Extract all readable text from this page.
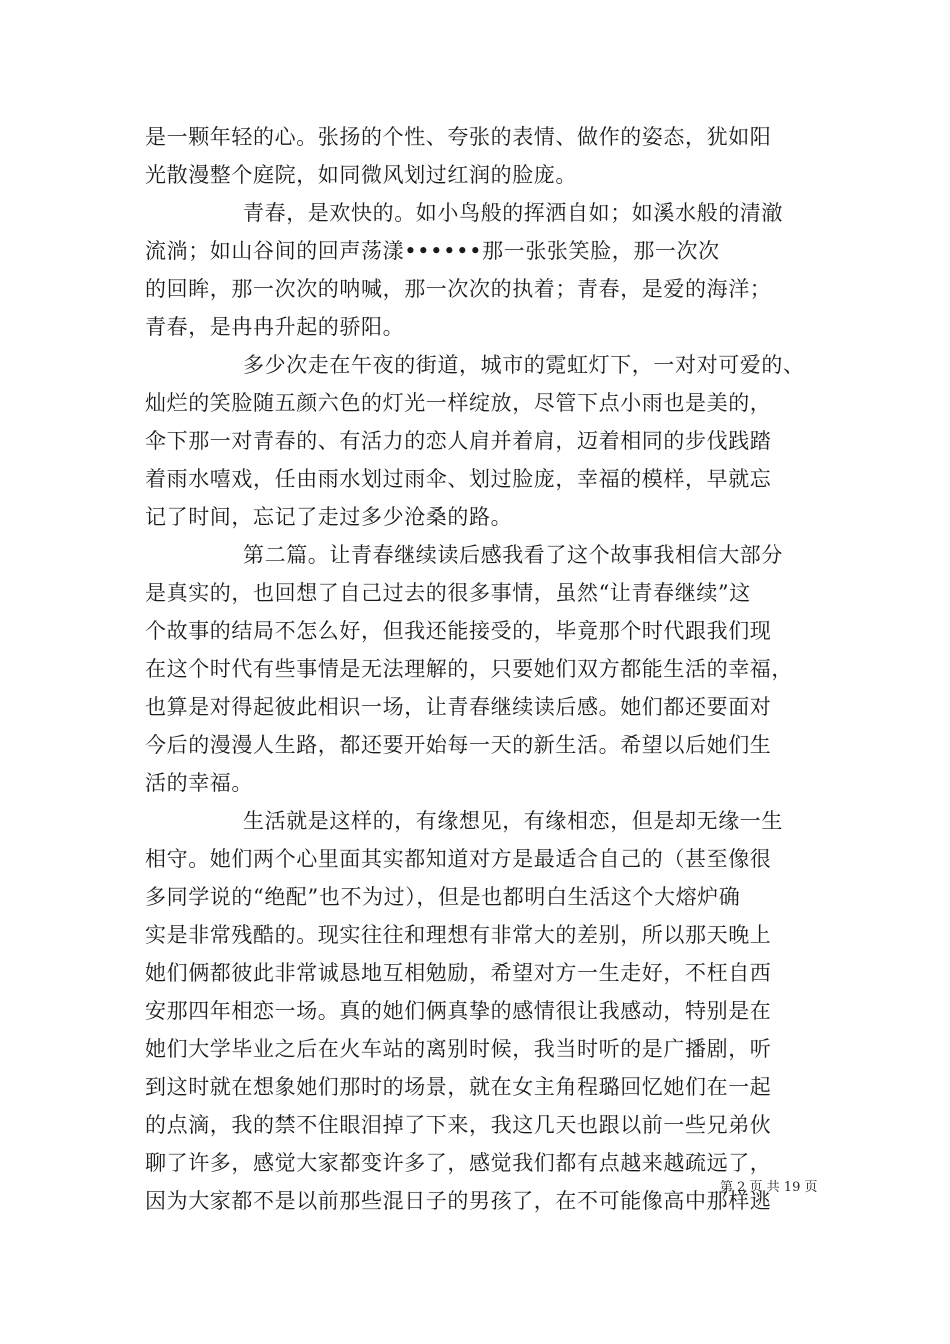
是一颗年轻的心。张扬的个性、夸张的表情、做作的姿态，犹如阳
光散漫整个庭院，如同微风划过红润的脸庞。
青春，是欢快的。如小鸟般的挥洒自如；如溪水般的清澈
流淌；如山谷间的回声荡漾••••••那一张张笑脸，那一次次
的回眸，那一次次的呐喊，那一次次的执着；青春，是爱的海洋；
青春，是冉冉升起的骄阳。
多少次走在午夜的街道，城市的霓虹灯下，一对对可爱的、
灿烂的笑脸随五颜六色的灯光一样绽放，尽管下点小雨也是美的，
伞下那一对青春的、有活力的恋人肩并着肩，迈着相同的步伐践踏
着雨水嘻戏，任由雨水划过雨伞、划过脸庞，幸福的模样，早就忘
记了时间，忘记了走过多少沧桑的路。
第二篇。让青春继续读后感我看了这个故事我相信大部分
是真实的，也回想了自己过去的很多事情，虽然“让青春继续”这
个故事的结局不怎么好，但我还能接受的，毕竟那个时代跟我们现
在这个时代有些事情是无法理解的，只要她们双方都能生活的幸福，
也算是对得起彼此相识一场，让青春继续读后感。她们都还要面对
今后的漫漫人生路，都还要开始每一天的新生活。希望以后她们生
活的幸福。
生活就是这样的，有缘想见，有缘相恋，但是却无缘一生
相守。她们两个心里面其实都知道对方是最适合自己的（甚至像很
多同学说的“绝配”也不为过），但是也都明白生活这个大熔炉确
实是非常残酷的。现实往往和理想有非常大的差别，所以那天晚上
她们俩都彼此非常诚恳地互相勉励，希望对方一生走好，不枉自西
安那四年相恋一场。真的她们俩真挚的感情很让我感动，特别是在
她们大学毕业之后在火车站的离别时候，我当时听的是广播剧，听
到这时就在想象她们那时的场景，就在女主角程璐回忆她们在一起
的点滴，我的禁不住眼泪掉了下来，我这几天也跟以前一些兄弟伙
聊了许多，感觉大家都变许多了，感觉我们都有点越来越疏远了，
因为大家都不是以前那些混日子的男孩了，在不可能像高中那样逃
第 2 页 共 19 页
